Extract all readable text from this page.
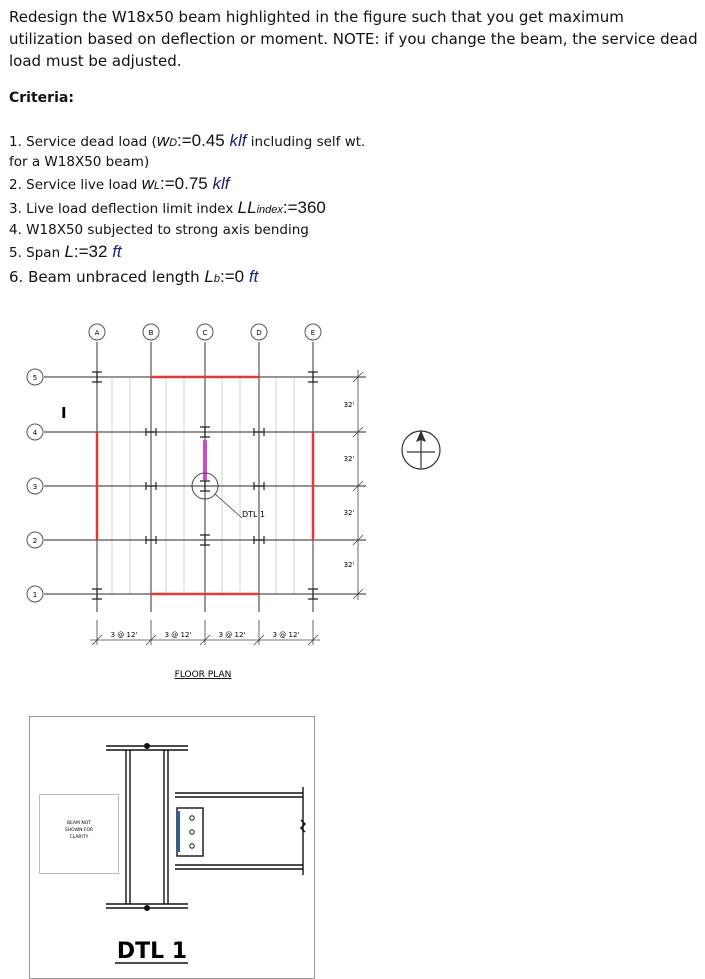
Redesign the W18x50 beam highlighted in the figure such that you get maximum utilization based on deflection or moment. NOTE: if you change the beam, the service dead load must be adjusted.
Criteria:
1. Service dead load (wD:=0.45 klf including self wt.
for a W18X50 beam)
2. Service live load wL:=0.75 klf
3. Live load deflection limit index LLindex:=360
4. W18X50 subjected to strong axis bending
5. Span L:=32 ft
6. Beam unbraced length Lb:=0 ft
DTL 1
I
A	B	C	D	E
5
4
3
2
1
3 @ 12'	3 @ 12'	3 @ 12'	3 @ 12'
32'
32'
32'
32'
FLOOR PLAN
BEAM NOT
SHOWN FOR
CLARITY
DTL 1
